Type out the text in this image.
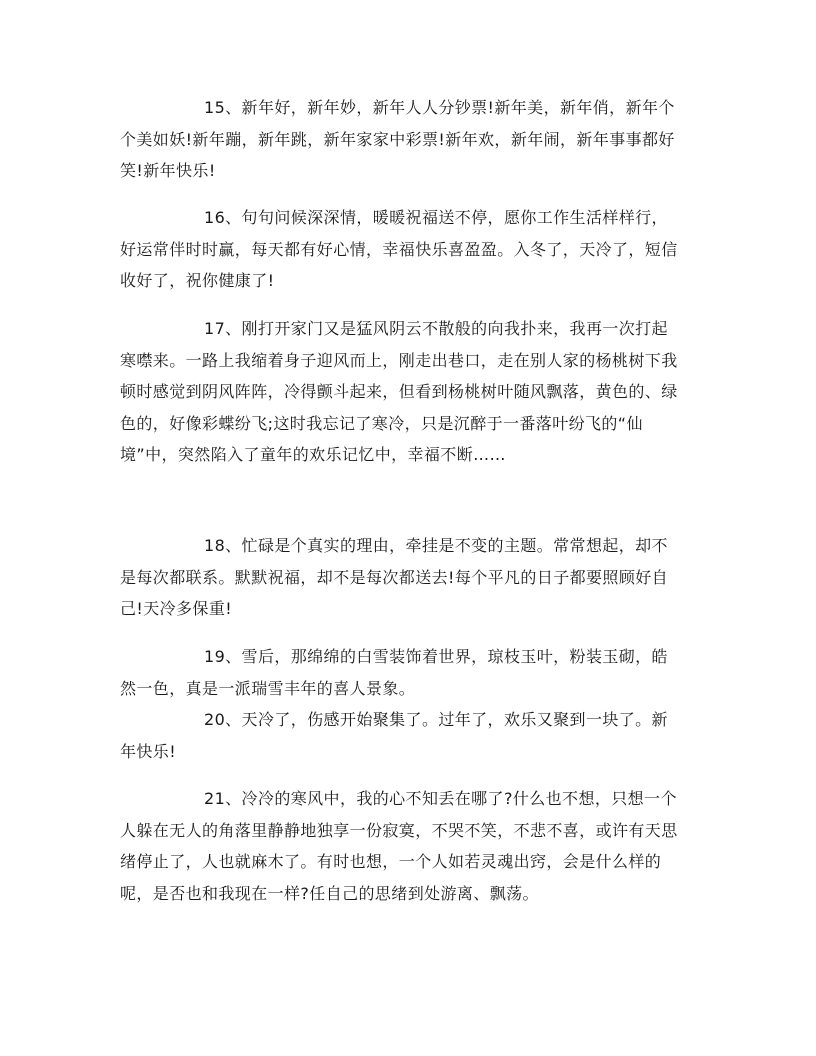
15、新年好，新年妙，新年人人分钞票!新年美，新年俏，新年个个美如妖!新年蹦，新年跳，新年家家中彩票!新年欢，新年闹，新年事事都好笑!新年快乐!

16、句句问候深深情，暖暖祝福送不停，愿你工作生活样样行，好运常伴时时赢，每天都有好心情，幸福快乐喜盈盈。入冬了，天冷了，短信收好了，祝你健康了!

17、刚打开家门又是猛风阴云不散般的向我扑来，我再一次打起寒噤来。一路上我缩着身子迎风而上，刚走出巷口，走在别人家的杨桃树下我顿时感觉到阴风阵阵，冷得颤斗起来，但看到杨桃树叶随风飘落，黄色的、绿色的，好像彩蝶纷飞;这时我忘记了寒冷，只是沉醉于一番落叶纷飞的“仙境”中，突然陷入了童年的欢乐记忆中，幸福不断……

18、忙碌是个真实的理由，牵挂是不变的主题。常常想起，却不是每次都联系。默默祝福，却不是每次都送去!每个平凡的日子都要照顾好自己!天冷多保重!

19、雪后，那绵绵的白雪装饰着世界，琼枝玉叶，粉装玉砌，皓然一色，真是一派瑞雪丰年的喜人景象。

20、天冷了，伤感开始聚集了。过年了，欢乐又聚到一块了。新年快乐!

21、冷冷的寒风中，我的心不知丢在哪了?什么也不想，只想一个人躲在无人的角落里静静地独享一份寂寞，不哭不笑，不悲不喜，或许有天思绪停止了，人也就麻木了。有时也想，一个人如若灵魂出窍，会是什么样的呢，是否也和我现在一样?任自己的思绪到处游离、飘荡。
